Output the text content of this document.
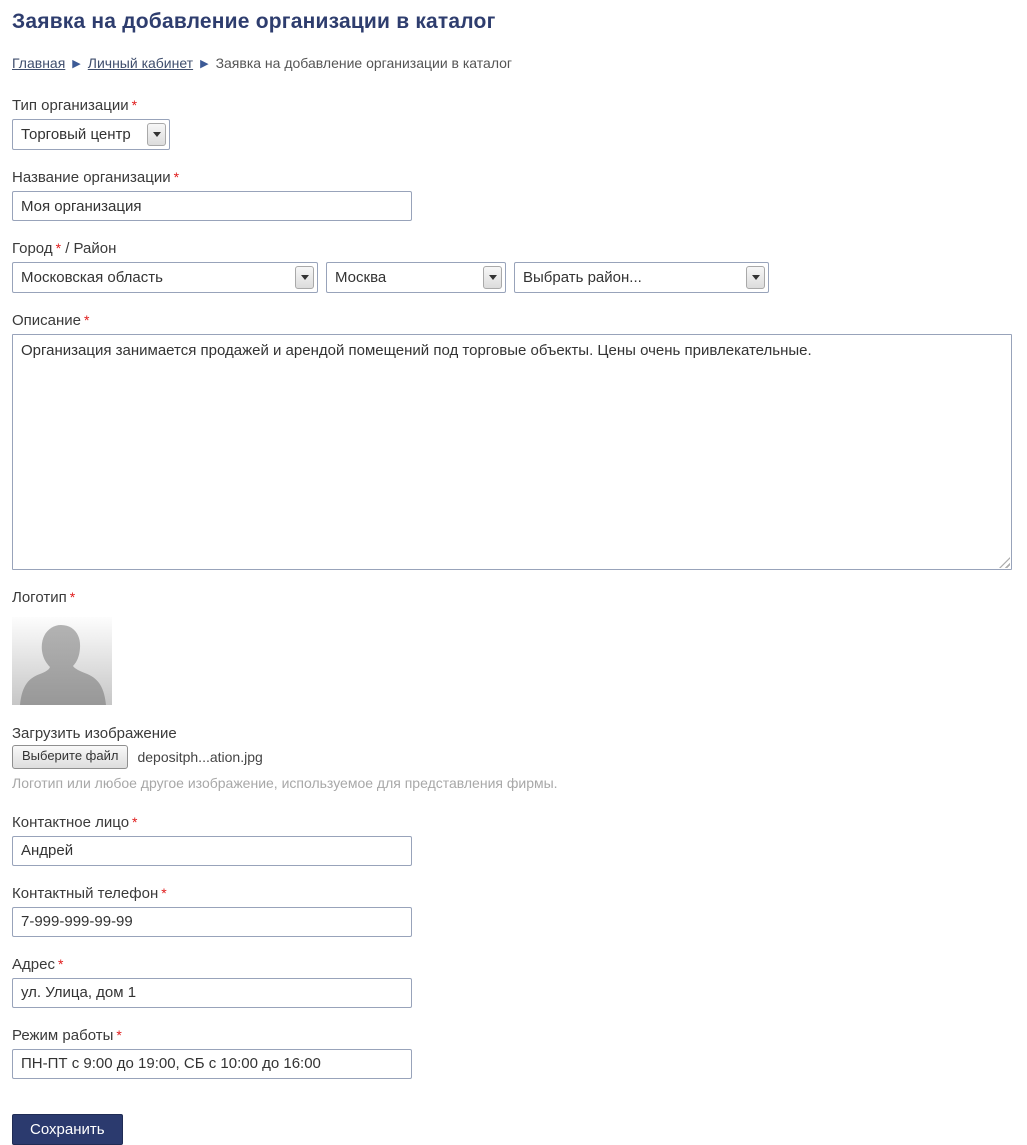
Заявка на добавление организации в каталог
Главная ▶ Личный кабинет ▶ Заявка на добавление организации в каталог
Тип организации *
Торговый центр
Название организации *
Моя организация
Город * / Район
Московская область	Москва	Выбрать район...
Описание *
Организация занимается продажей и арендой помещений под торговые объекты. Цены очень привлекательные.
Логотип *
Загрузить изображение
Выберите файл	depositph...ation.jpg
Логотип или любое другое изображение, используемое для представления фирмы.
Контактное лицо *
Андрей
Контактный телефон *
7-999-999-99-99
Адрес *
ул. Улица, дом 1
Режим работы *
ПН-ПТ с 9:00 до 19:00, СБ с 10:00 до 16:00
Сохранить
